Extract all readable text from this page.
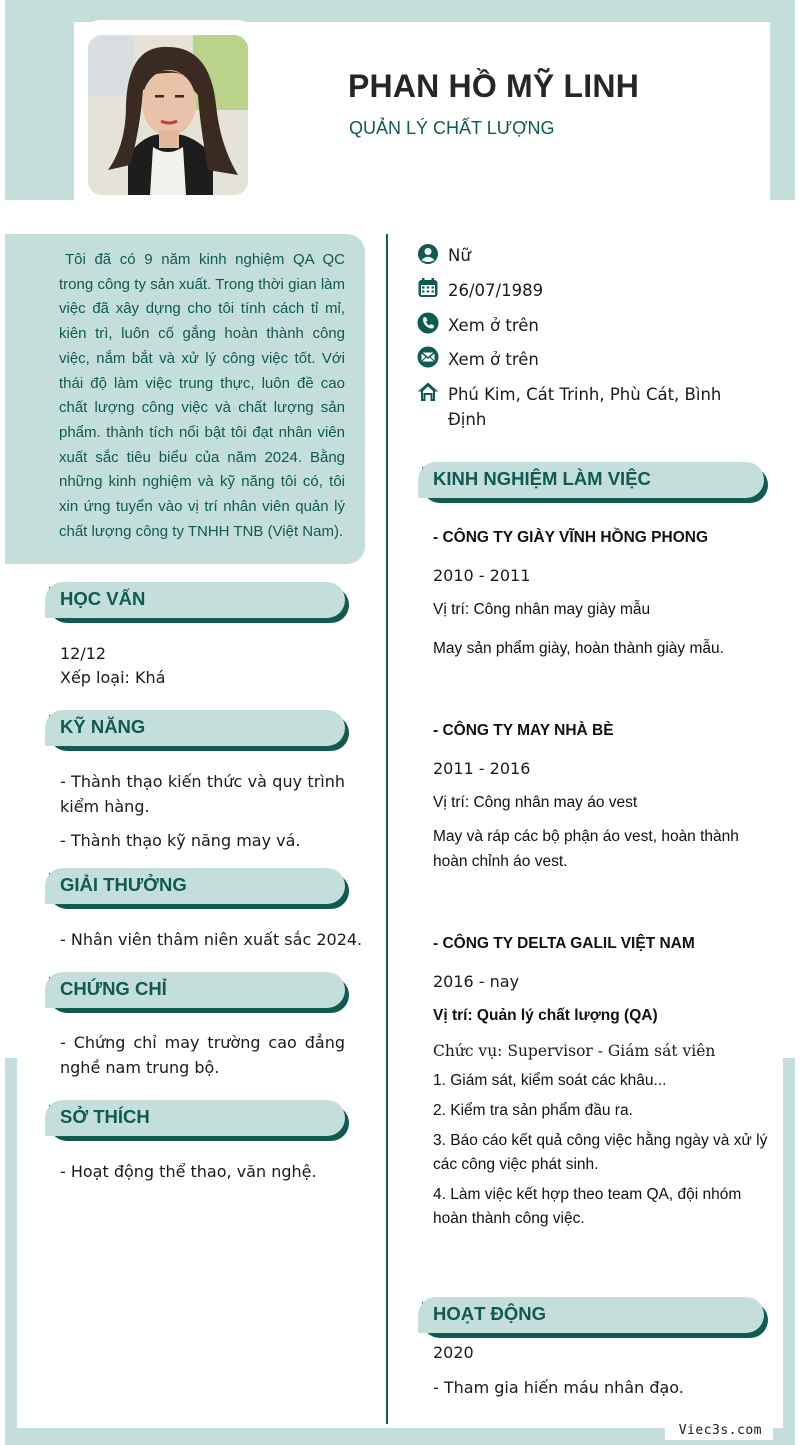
PHAN HỒ MỸ LINH
QUẢN LÝ CHẤT LƯỢNG
Tôi đã có 9 năm kinh nghiệm QA QC trong công ty sản xuất. Trong thời gian làm việc đã xây dựng cho tôi tính cách tỉ mỉ, kiên trì, luôn cố gắng hoàn thành công việc, nắm bắt và xử lý công việc tốt. Với thái độ làm việc trung thực, luôn đề cao chất lượng công việc và chất lượng sản phẩm. thành tích nổi bật tôi đạt nhân viên xuất sắc tiêu biểu của năm 2024. Bằng những kinh nghiệm và kỹ năng tôi có, tôi xin ứng tuyển vào vị trí nhân viên quản lý chất lượng công ty TNHH TNB (Việt Nam).
Nữ
26/07/1989
Xem ở trên
Xem ở trên
Phú Kim, Cát Trinh, Phù Cát, Bình
Định
HỌC VẤN
12/12
Xếp loại: Khá
KỸ NĂNG
- Thành thạo kiến thức và quy trình kiểm hàng.
- Thành thạo kỹ năng may vá.
GIẢI THƯỞNG
- Nhân viên thâm niên xuất sắc 2024.
CHỨNG CHỈ
- Chứng chỉ may trường cao đẳng nghề nam trung bộ.
SỞ THÍCH
- Hoạt động thể thao, văn nghệ.
KINH NGHIỆM LÀM VIỆC
- CÔNG TY GIÀY VĨNH HỒNG PHONG
2010 - 2011
Vị trí: Công nhân may giày mẫu
May sản phẩm giày, hoàn thành giày mẫu.
- CÔNG TY MAY NHÀ BÈ
2011 - 2016
Vị trí: Công nhân may áo vest
May và ráp các bộ phận áo vest, hoàn thành
hoàn chỉnh áo vest.
- CÔNG TY DELTA GALIL VIỆT NAM
2016 - nay
Vị trí: Quản lý chất lượng (QA)
Chức vụ: Supervisor - Giám sát viên
1. Giám sát, kiểm soát các khâu...
2. Kiểm tra sản phẩm đầu ra.
3. Báo cáo kết quả công việc hằng ngày và xử lý
các công việc phát sinh.
4. Làm việc kết hợp theo team QA, đội nhóm
hoàn thành công việc.
HOẠT ĐỘNG
2020
- Tham gia hiến máu nhân đạo.
Viec3s.com
